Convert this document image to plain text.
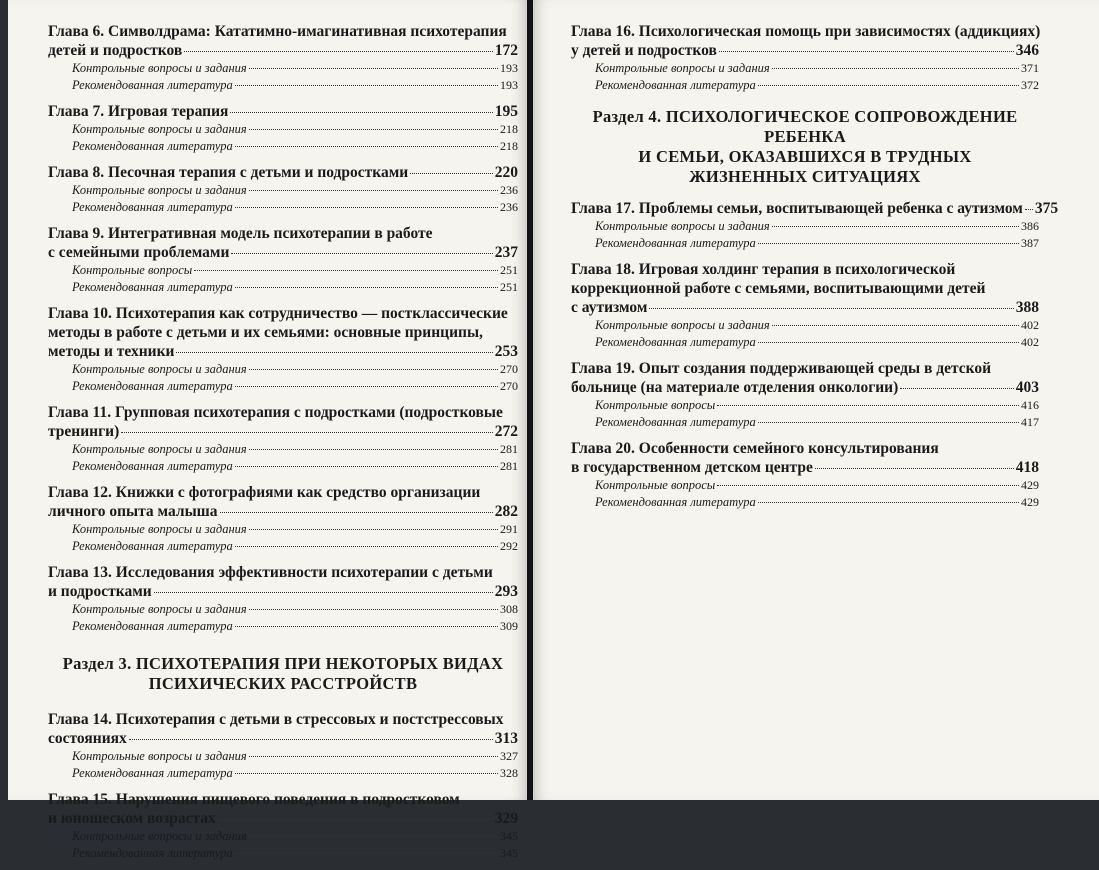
Глава 6. Символдрама: Кататимно-имагинативная психотерапия
детей и подростков	172
Контрольные вопросы и задания	193
Рекомендованная литература	193
Глава 7. Игровая терапия	195
Контрольные вопросы и задания	218
Рекомендованная литература	218
Глава 8. Песочная терапия с детьми и подростками	220
Контрольные вопросы и задания	236
Рекомендованная литература	236
Глава 9. Интегративная модель психотерапии в работе
с семейными проблемами	237
Контрольные вопросы	251
Рекомендованная литература	251
Глава 10. Психотерапия как сотрудничество — постклассические
методы в работе с детьми и их семьями: основные принципы,
методы и техники	253
Контрольные вопросы и задания	270
Рекомендованная литература	270
Глава 11. Групповая психотерапия с подростками (подростковые
тренинги)	272
Контрольные вопросы и задания	281
Рекомендованная литература	281
Глава 12. Книжки с фотографиями как средство организации
личного опыта малыша	282
Контрольные вопросы и задания	291
Рекомендованная литература	292
Глава 13. Исследования эффективности психотерапии с детьми
и подростками	293
Контрольные вопросы и задания	308
Рекомендованная литература	309
Раздел 3. ПСИХОТЕРАПИЯ ПРИ НЕКОТОРЫХ ВИДАХ
ПСИХИЧЕСКИХ РАССТРОЙСТВ
Глава 14. Психотерапия с детьми в стрессовых и постстрессовых
состояниях	313
Контрольные вопросы и задания	327
Рекомендованная литература	328
Глава 15. Нарушения пищевого поведения в подростковом
и юношеском возрастах	329
Контрольные вопросы и задания	345
Рекомендованная литература	345
Глава 16. Психологическая помощь при зависимостях (аддикциях)
у детей и подростков	346
Контрольные вопросы и задания	371
Рекомендованная литература	372
Раздел 4. ПСИХОЛОГИЧЕСКОЕ СОПРОВОЖДЕНИЕ РЕБЕНКА
И СЕМЬИ, ОКАЗАВШИХСЯ В ТРУДНЫХ
ЖИЗНЕННЫХ СИТУАЦИЯХ
Глава 17. Проблемы семьи, воспитывающей ребенка с аутизмом 375
Контрольные вопросы и задания	386
Рекомендованная литература	387
Глава 18. Игровая холдинг терапия в психологической
коррекционной работе с семьями, воспитывающими детей
с аутизмом	388
Контрольные вопросы и задания	402
Рекомендованная литература	402
Глава 19. Опыт создания поддерживающей среды в детской
больнице (на материале отделения онкологии)	403
Контрольные вопросы	416
Рекомендованная литература	417
Глава 20. Особенности семейного консультирования
в государственном детском центре	418
Контрольные вопросы	429
Рекомендованная литература	429
